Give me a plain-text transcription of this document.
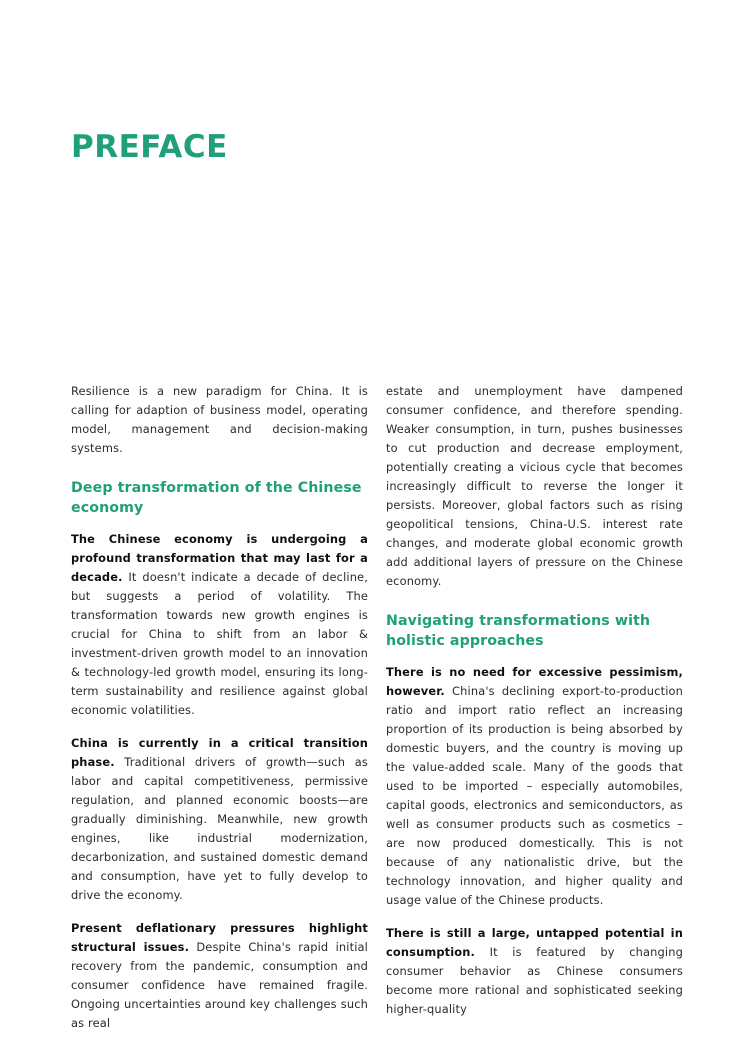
PREFACE

Resilience is a new paradigm for China. It is calling for adaption of business model, operating model, management and decision-making systems.

Deep transformation of the Chinese economy

The Chinese economy is undergoing a profound transformation that may last for a decade. It doesn't indicate a decade of decline, but suggests a period of volatility. The transformation towards new growth engines is crucial for China to shift from an labor & investment-driven growth model to an innovation & technology-led growth model, ensuring its long-term sustainability and resilience against global economic volatilities.

China is currently in a critical transition phase. Traditional drivers of growth—such as labor and capital competitiveness, permissive regulation, and planned economic boosts—are gradually diminishing. Meanwhile, new growth engines, like industrial modernization, decarbonization, and sustained domestic demand and consumption, have yet to fully develop to drive the economy.

Present deflationary pressures highlight structural issues. Despite China's rapid initial recovery from the pandemic, consumption and consumer confidence have remained fragile. Ongoing uncertainties around key challenges such as real

estate and unemployment have dampened consumer confidence, and therefore spending. Weaker consumption, in turn, pushes businesses to cut production and decrease employment, potentially creating a vicious cycle that becomes increasingly difficult to reverse the longer it persists. Moreover, global factors such as rising geopolitical tensions, China-U.S. interest rate changes, and moderate global economic growth add additional layers of pressure on the Chinese economy.

Navigating transformations with holistic approaches

There is no need for excessive pessimism, however. China's declining export-to-production ratio and import ratio reflect an increasing proportion of its production is being absorbed by domestic buyers, and the country is moving up the value-added scale. Many of the goods that used to be imported – especially automobiles, capital goods, electronics and semiconductors, as well as consumer products such as cosmetics – are now produced domestically. This is not because of any nationalistic drive, but the technology innovation, and higher quality and usage value of the Chinese products.

There is still a large, untapped potential in consumption. It is featured by changing consumer behavior as Chinese consumers become more rational and sophisticated seeking higher-quality
